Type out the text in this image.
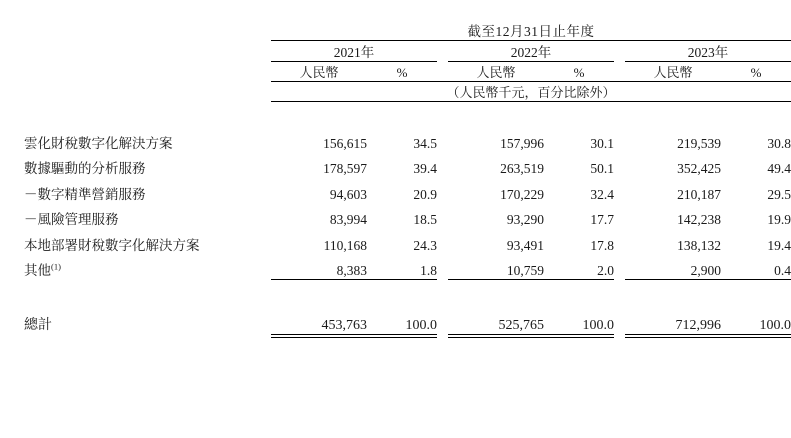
	截至12月31日止年度							
	2021年			2022年			2023年	

	人民幣	%		人民幣	%		人民幣	%

	（人民幣千元，百分比除外）							

雲化財稅數字化解決方案	156,615	34.5		157,996	30.1		219,539	30.8
數據驅動的分析服務	178,597	39.4		263,519	50.1		352,425	49.4
－數字精準營銷服務	94,603	20.9		170,229	32.4		210,187	29.5
－風險管理服務	83,994	18.5		93,290	17.7		142,238	19.9
本地部署財稅數字化解決方案	110,168	24.3		93,491	17.8		138,132	19.4
其他$^{(1)}$	8,383	1.8		10,759	2.0		2,900	0.4

總計	453,763	100.0		525,765	100.0		712,996	100.0
